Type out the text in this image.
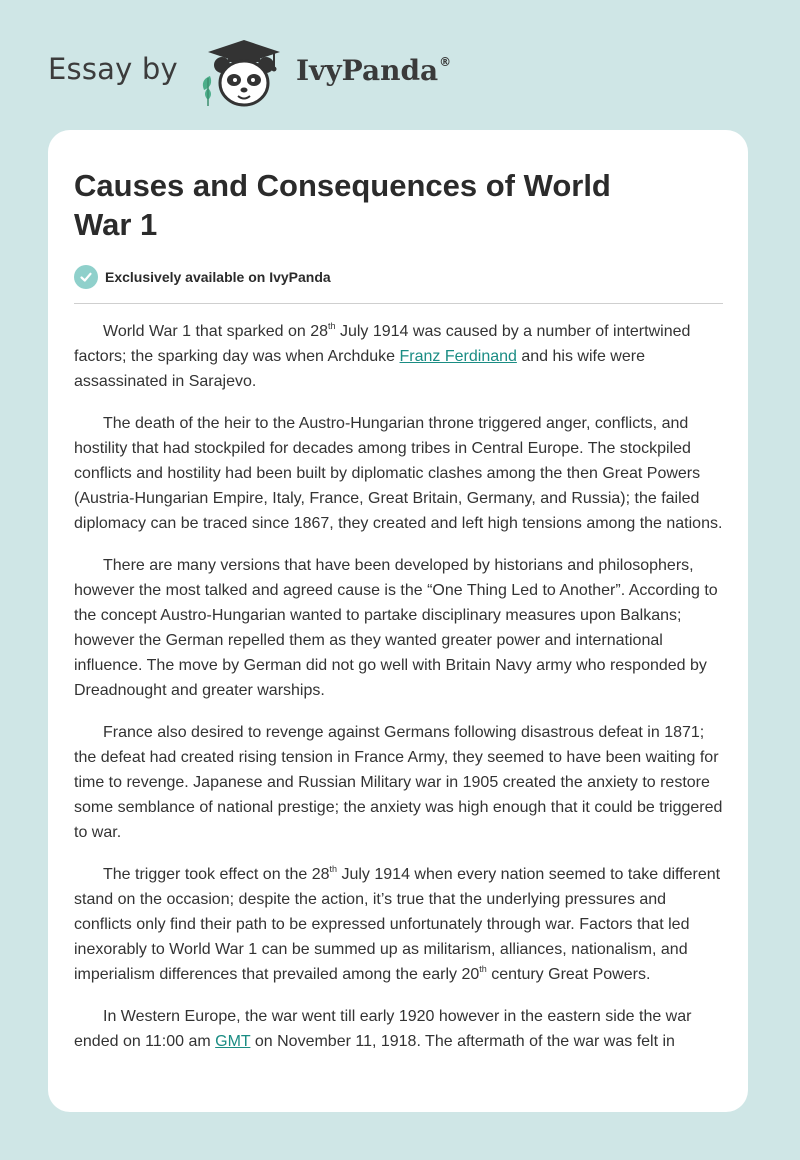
Essay by	IvyPanda®
Causes and Consequences of World
War 1
Exclusively available on IvyPanda

World War 1 that sparked on 28th July 1914 was caused by a number of intertwined factors; the sparking day was when Archduke Franz Ferdinand and his wife were assassinated in Sarajevo.

The death of the heir to the Austro-Hungarian throne triggered anger, conflicts, and hostility that had stockpiled for decades among tribes in Central Europe. The stockpiled conflicts and hostility had been built by diplomatic clashes among the then Great Powers (Austria-Hungarian Empire, Italy, France, Great Britain, Germany, and Russia); the failed diplomacy can be traced since 1867, they created and left high tensions among the nations.

There are many versions that have been developed by historians and philosophers, however the most talked and agreed cause is the “One Thing Led to Another”. According to the concept Austro-Hungarian wanted to partake disciplinary measures upon Balkans; however the German repelled them as they wanted greater power and international influence. The move by German did not go well with Britain Navy army who responded by Dreadnought and greater warships.

France also desired to revenge against Germans following disastrous defeat in 1871; the defeat had created rising tension in France Army, they seemed to have been waiting for time to revenge. Japanese and Russian Military war in 1905 created the anxiety to restore some semblance of national prestige; the anxiety was high enough that it could be triggered to war.

The trigger took effect on the 28th July 1914 when every nation seemed to take different stand on the occasion; despite the action, it’s true that the underlying pressures and conflicts only find their path to be expressed unfortunately through war. Factors that led inexorably to World War 1 can be summed up as militarism, alliances, nationalism, and imperialism differences that prevailed among the early 20th century Great Powers.

In Western Europe, the war went till early 1920 however in the eastern side the war ended on 11:00 am GMT on November 11, 1918. The aftermath of the war was felt in
